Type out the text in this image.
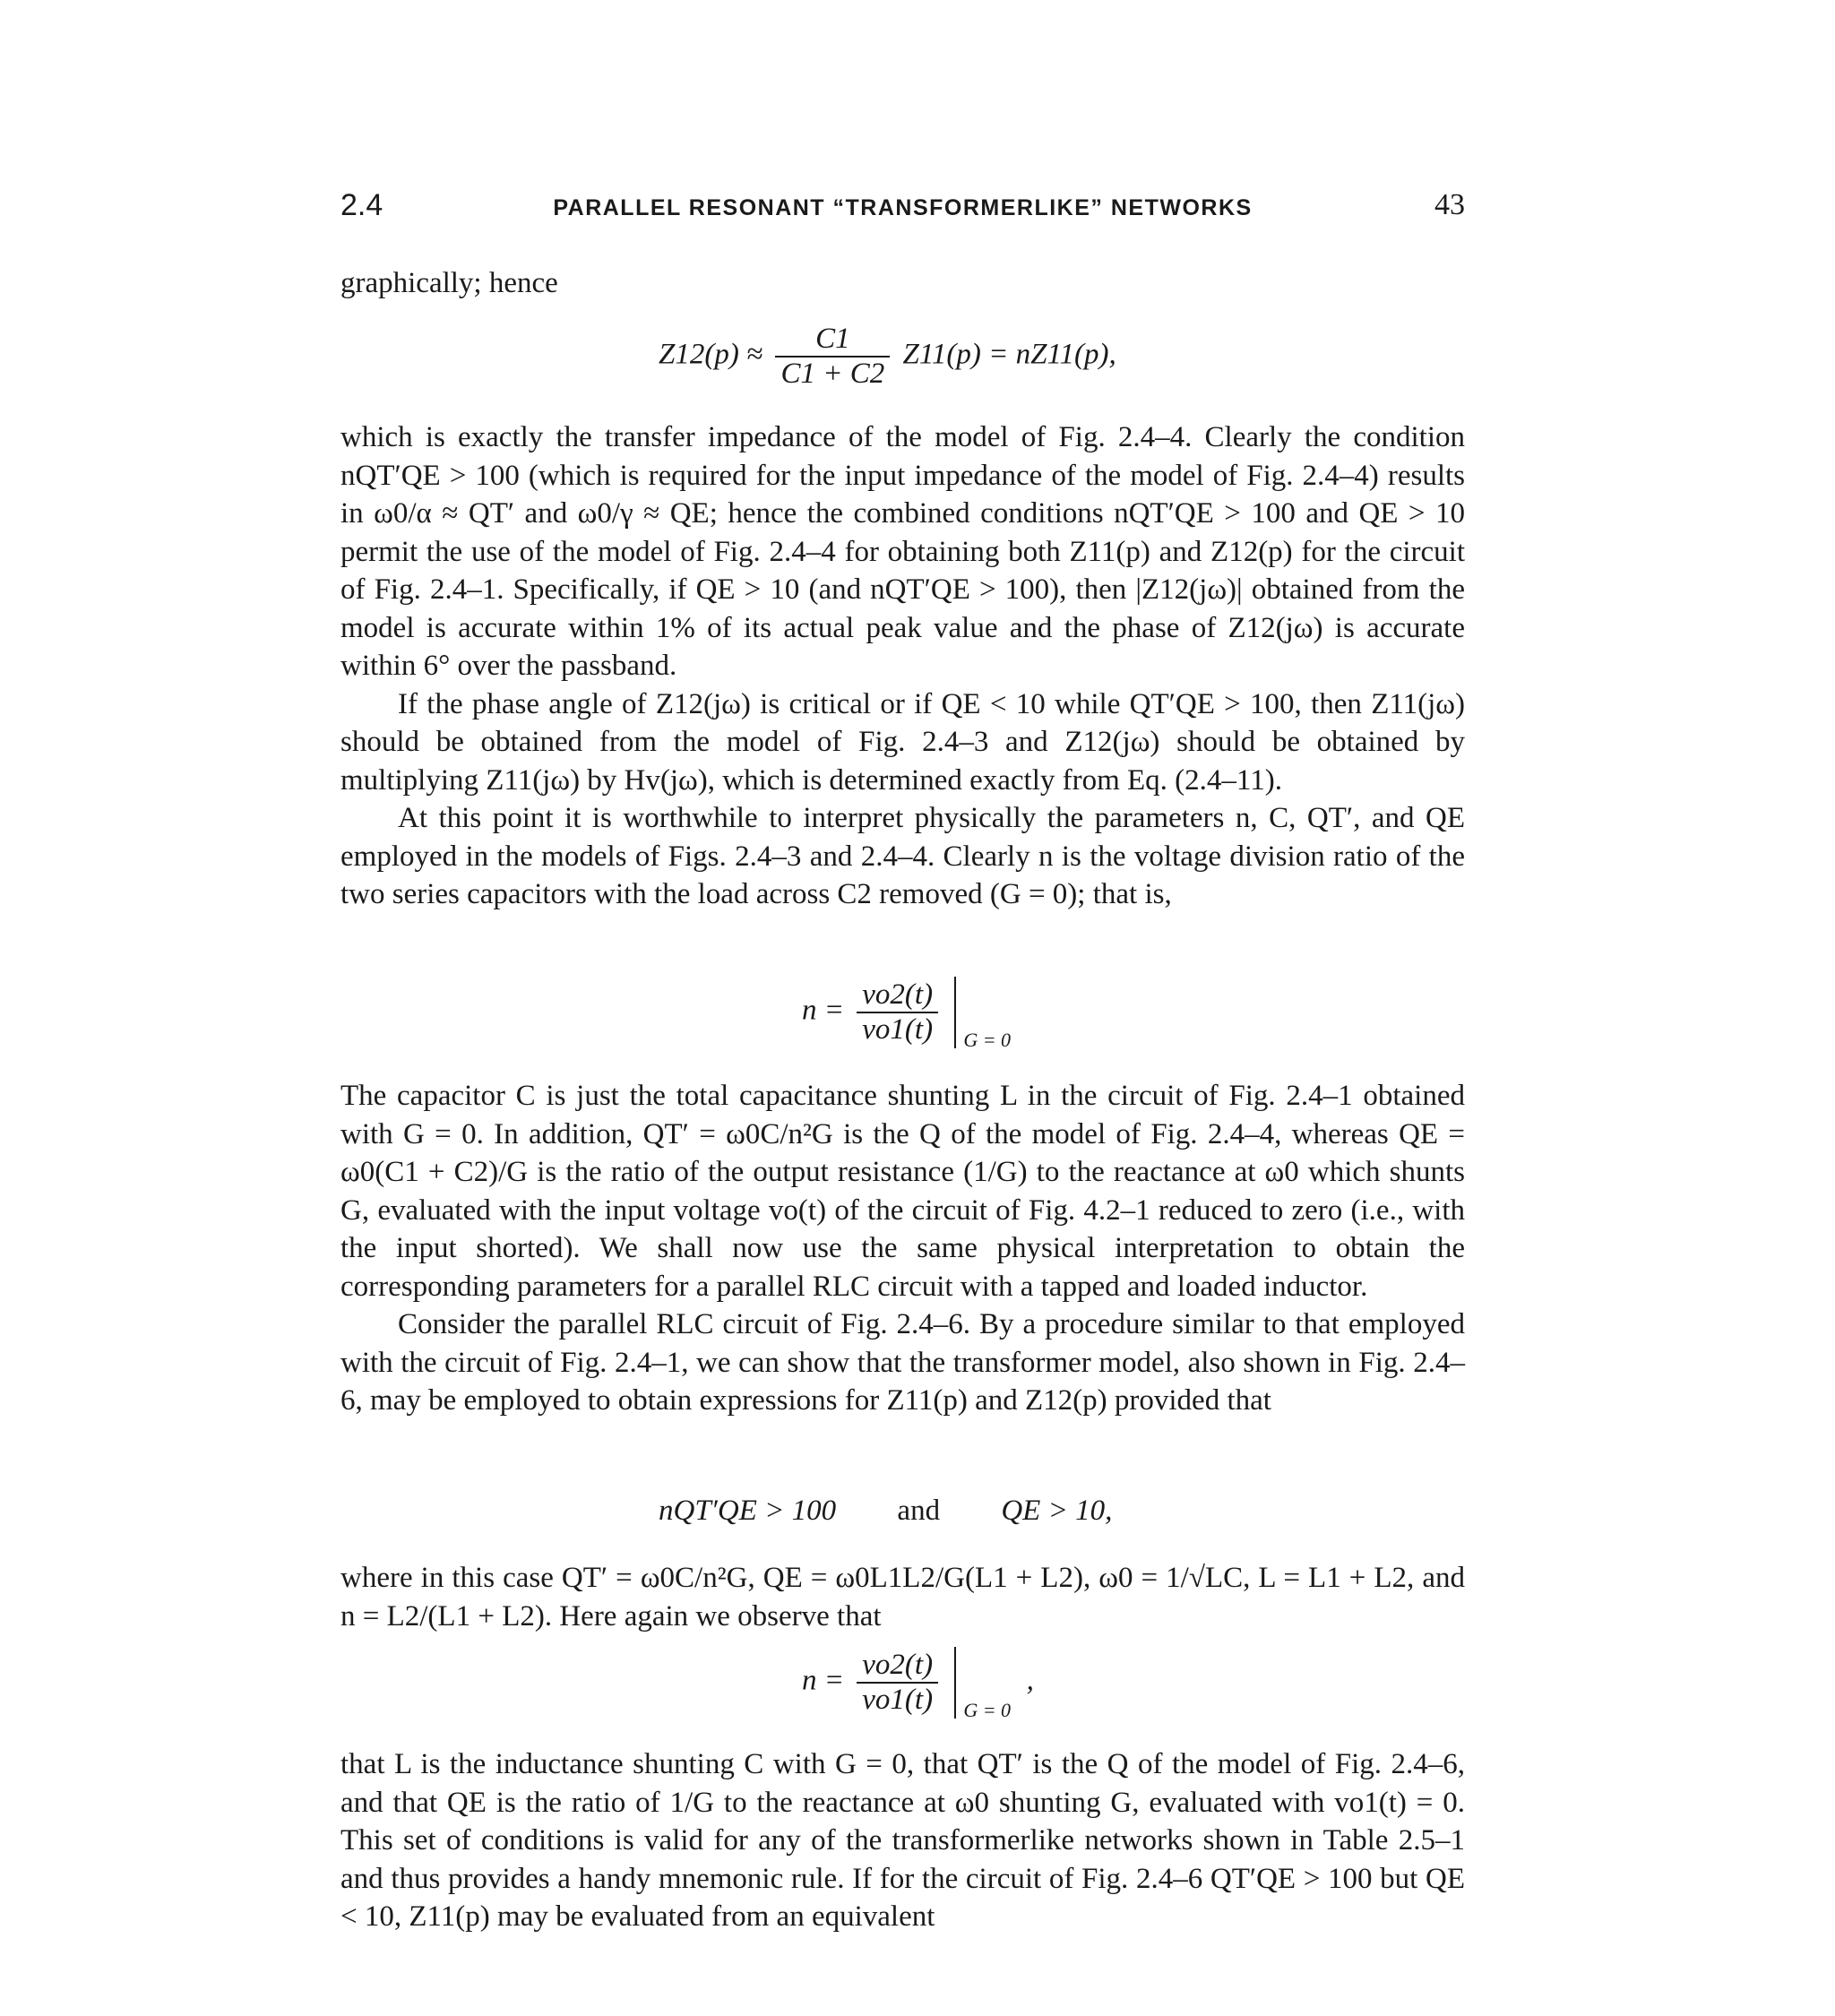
2.4	PARALLEL RESONANT “TRANSFORMERLIKE” NETWORKS	43
graphically; hence
$Z12(p) \approx \frac{C1}{C1 + C2} Z11(p) = nZ11(p)$,

which is exactly the transfer impedance of the model of Fig. 2.4–4. Clearly the condition nQT′QE > 100 (which is required for the input impedance of the model of Fig. 2.4–4) results in ω0/α ≈ QT′ and ω0/γ ≈ QE; hence the combined conditions nQT′QE > 100 and QE > 10 permit the use of the model of Fig. 2.4–4 for obtaining both Z11(p) and Z12(p) for the circuit of Fig. 2.4–1. Specifically, if QE > 10 (and nQT′QE > 100), then |Z12(jω)| obtained from the model is accurate within 1% of its actual peak value and the phase of Z12(jω) is accurate within 6° over the passband.

If the phase angle of Z12(jω) is critical or if QE < 10 while QT′QE > 100, then Z11(jω) should be obtained from the model of Fig. 2.4–3 and Z12(jω) should be obtained by multiplying Z11(jω) by Hv(jω), which is determined exactly from Eq. (2.4–11).

At this point it is worthwhile to interpret physically the parameters n, C, QT′, and QE employed in the models of Figs. 2.4–3 and 2.4–4. Clearly n is the voltage division ratio of the two series capacitors with the load across C2 removed (G = 0); that is,

$n = \frac{vo2(t)}{vo1(t)}$
G = 0

The capacitor C is just the total capacitance shunting L in the circuit of Fig. 2.4–1 obtained with G = 0. In addition, QT′ = ω0C/n²G is the Q of the model of Fig. 2.4–4, whereas QE = ω0(C1 + C2)/G is the ratio of the output resistance (1/G) to the reactance at ω0 which shunts G, evaluated with the input voltage vo(t) of the circuit of Fig. 4.2–1 reduced to zero (i.e., with the input shorted). We shall now use the same physical interpretation to obtain the corresponding parameters for a parallel RLC circuit with a tapped and loaded inductor.

Consider the parallel RLC circuit of Fig. 2.4–6. By a procedure similar to that employed with the circuit of Fig. 2.4–1, we can show that the transformer model, also shown in Fig. 2.4–6, may be employed to obtain expressions for Z11(p) and Z12(p) provided that

nQT′QE > 100 and QE > 10,

where in this case QT′ = ω0C/n²G, QE = ω0L1L2/G(L1 + L2), ω0 = 1/√LC, L = L1 + L2, and n = L2/(L1 + L2). Here again we observe that

$n = \frac{vo2(t)}{vo1(t)}$
G = 0
,

that L is the inductance shunting C with G = 0, that QT′ is the Q of the model of Fig. 2.4–6, and that QE is the ratio of 1/G to the reactance at ω0 shunting G, evaluated with vo1(t) = 0. This set of conditions is valid for any of the transformerlike networks shown in Table 2.5–1 and thus provides a handy mnemonic rule. If for the circuit of Fig. 2.4–6 QT′QE > 100 but QE < 10, Z11(p) may be evaluated from an equivalent
